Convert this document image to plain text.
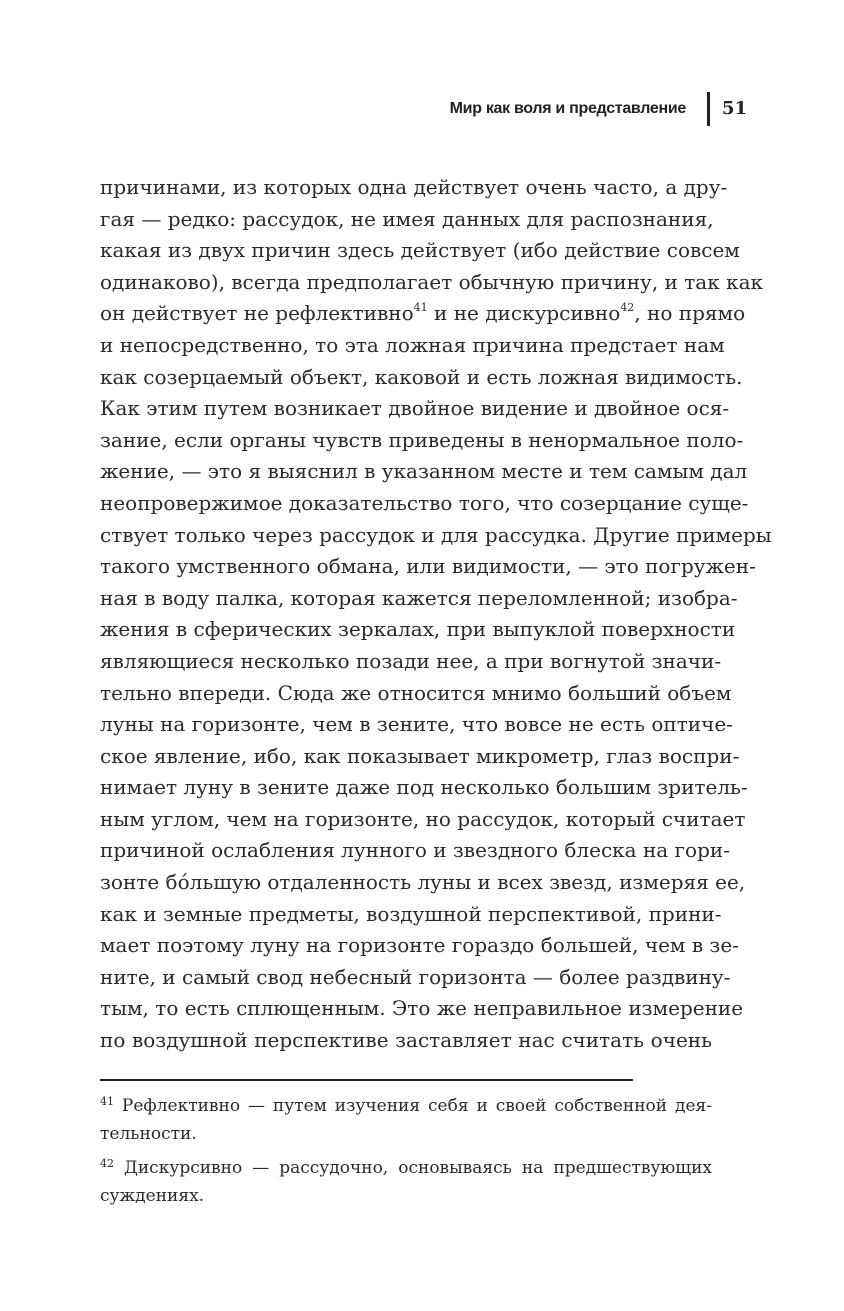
Мир как воля и представление 51
причинами, из которых одна действует очень часто, а дру-
гая — редко: рассудок, не имея данных для распознания,
какая из двух причин здесь действует (ибо действие совсем
одинаково), всегда предполагает обычную причину, и так как
он действует не рефлективно$^{41}$ и не дискурсивно$^{42}$, но прямо
и непосредственно, то эта ложная причина предстает нам
как созерцаемый объект, каковой и есть ложная видимость.
Как этим путем возникает двойное видение и двойное ося-
зание, если органы чувств приведены в ненормальное поло-
жение, — это я выяснил в указанном месте и тем самым дал
неопровержимое доказательство того, что созерцание суще-
ствует только через рассудок и для рассудка. Другие примеры
такого умственного обмана, или видимости, — это погружен-
ная в воду палка, которая кажется переломленной; изобра-
жения в сферических зеркалах, при выпуклой поверхности
являющиеся несколько позади нее, а при вогнутой значи-
тельно впереди. Сюда же относится мнимо больший объем
луны на горизонте, чем в зените, что вовсе не есть оптиче-
ское явление, ибо, как показывает микрометр, глаз воспри-
нимает луну в зените даже под несколько большим зритель-
ным углом, чем на горизонте, но рассудок, который считает
причиной ослабления лунного и звездного блеска на гори-
зонте бóльшую отдаленность луны и всех звезд, измеряя ее,
как и земные предметы, воздушной перспективой, прини-
мает поэтому луну на горизонте гораздо большей, чем в зе-
ните, и самый свод небесный горизонта — более раздвину-
тым, то есть сплющенным. Это же неправильное измерение
по воздушной перспективе заставляет нас считать очень
$^{41}$ Рефлективно — путем изучения себя и своей собственной дея-
тельности.
$^{42}$ Дискурсивно — рассудочно, основываясь на предшествующих
суждениях.
